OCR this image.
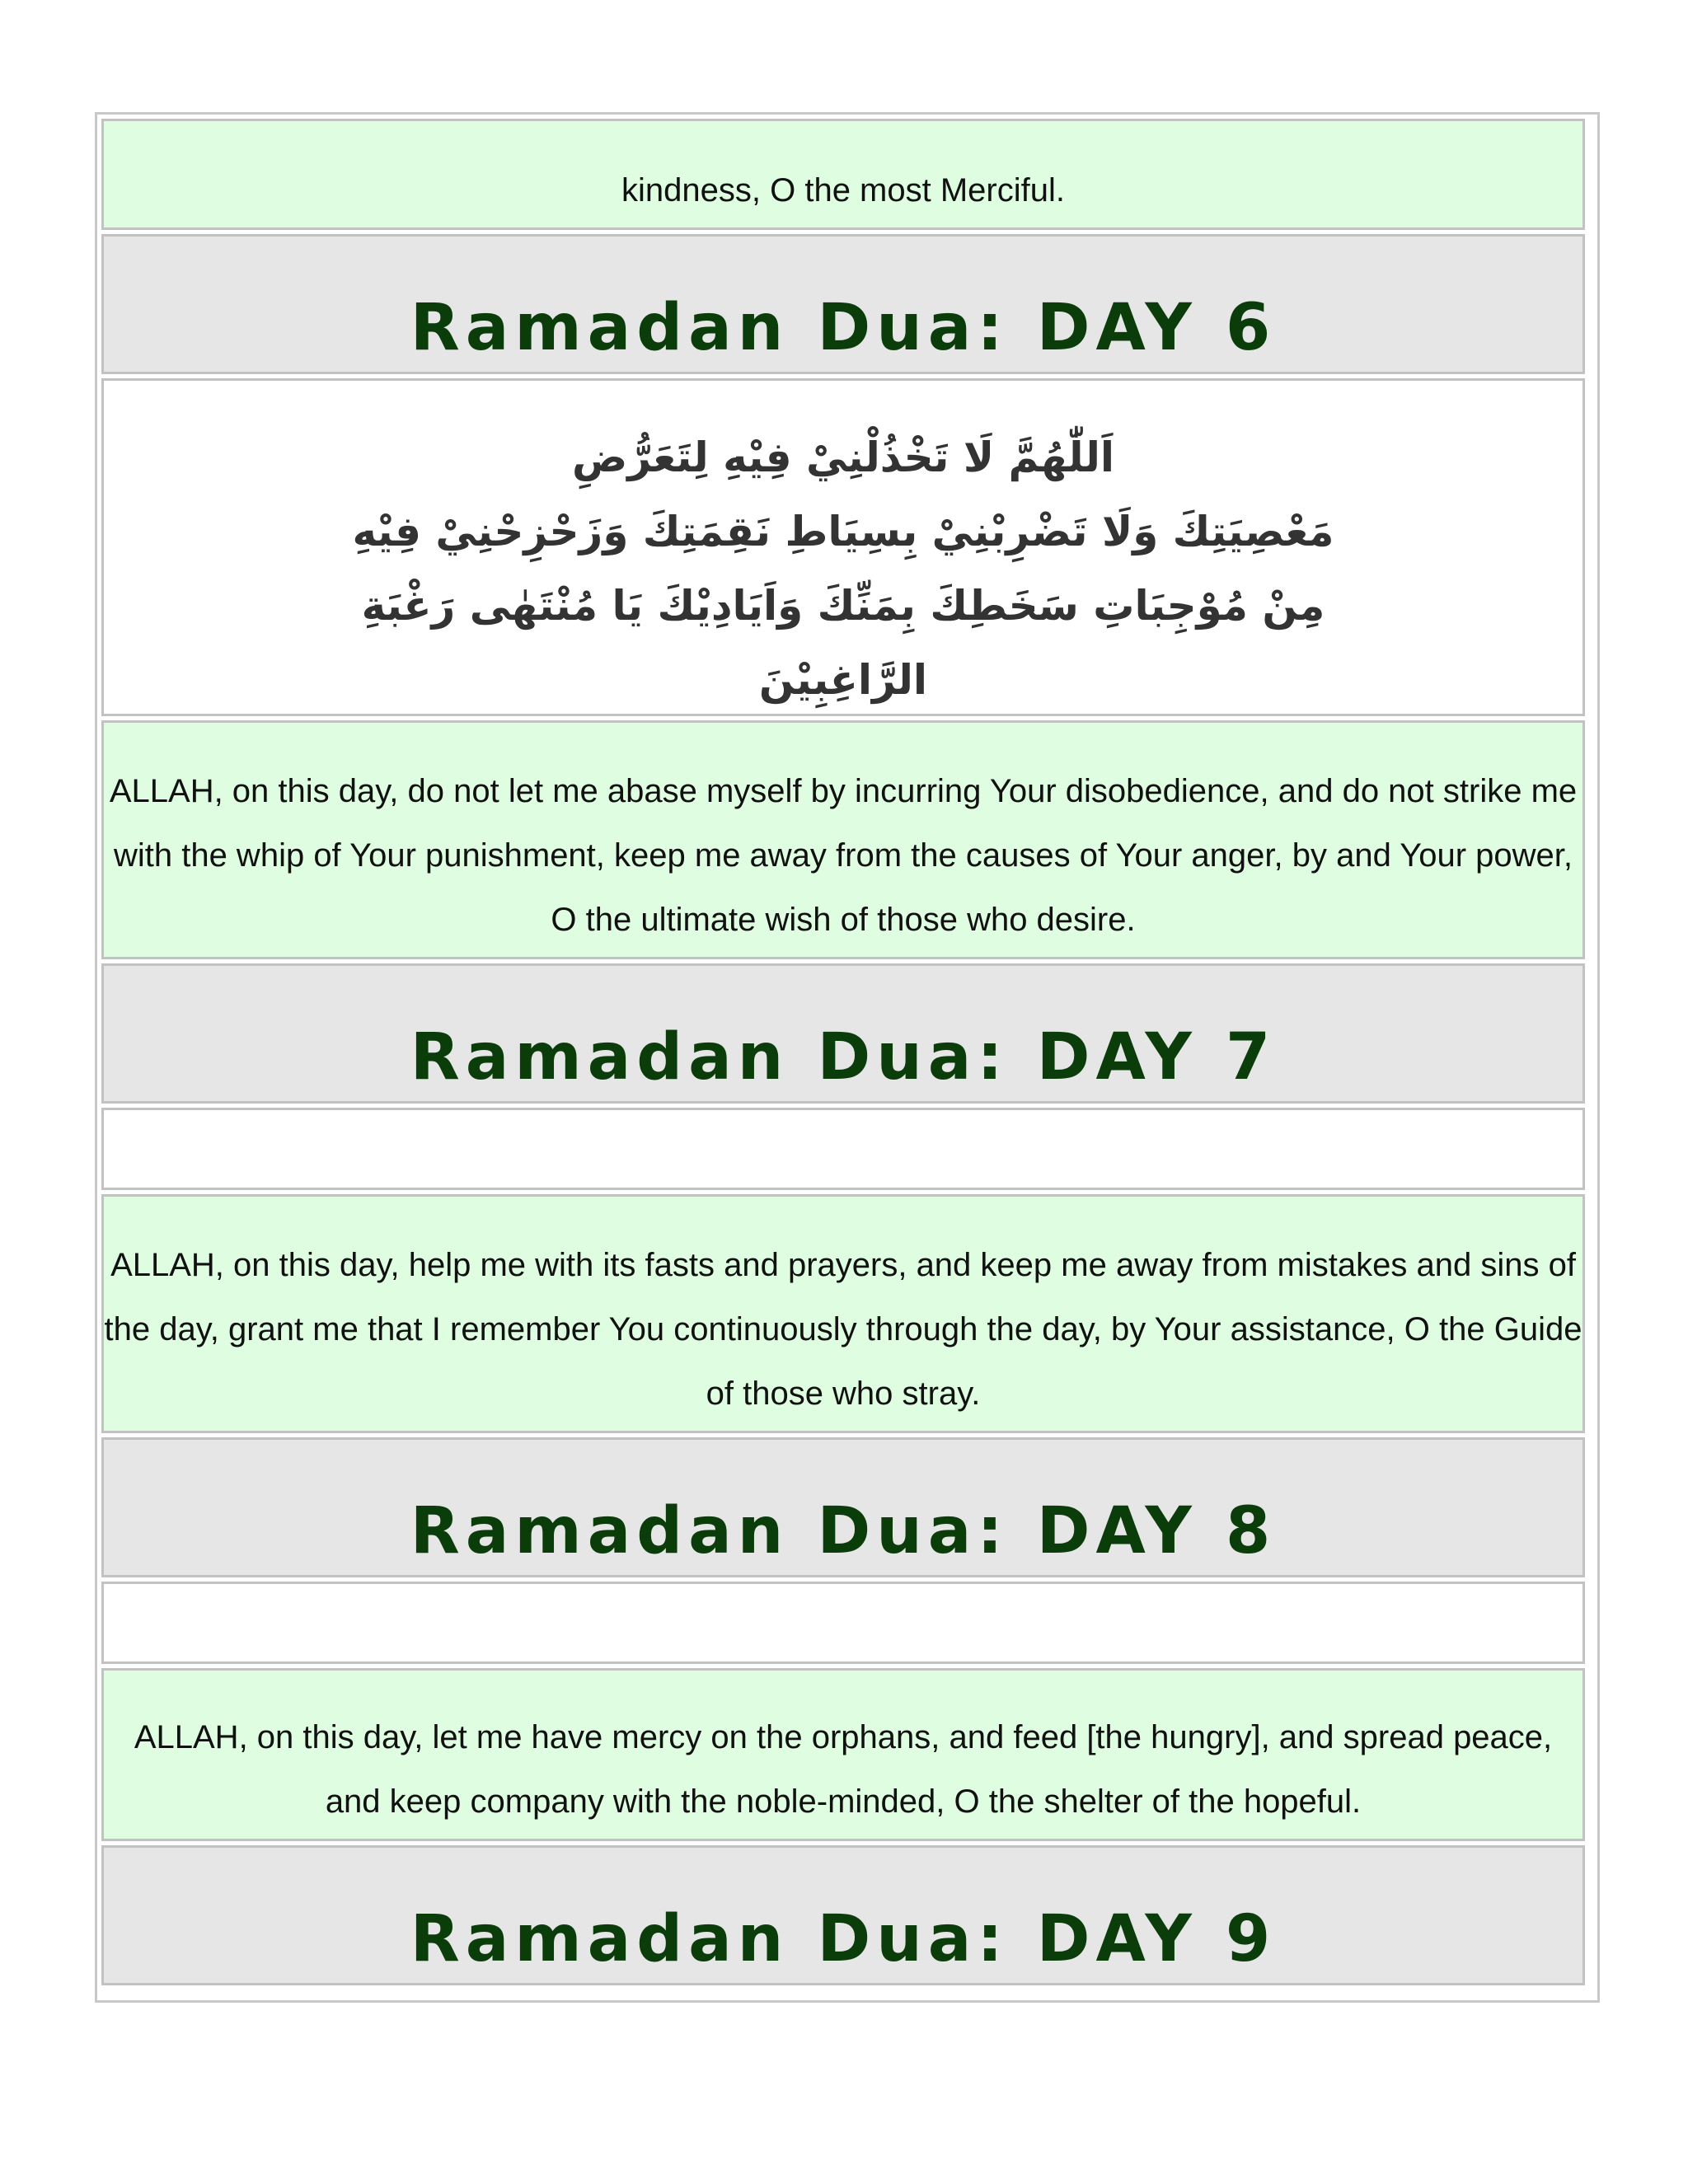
kindness, O the most Merciful.
Ramadan Dua: DAY 6
اَللّٰهُمَّ لَا تَخْذُلْنِيْ فِيْهِ لِتَعَرُّضِ
مَعْصِيَتِكَ وَلَا تَضْرِبْنِيْ بِسِيَاطِ نَقِمَتِكَ وَزَحْزِحْنِيْ فِيْهِ
مِنْ مُوْجِبَاتِ سَخَطِكَ بِمَنِّكَ وَاَيَادِيْكَ يَا مُنْتَهٰى رَغْبَةِ
الرَّاغِبِيْنَ
ALLAH, on this day, do not let me abase myself by incurring Your disobedience, and do not strike me with the whip of Your punishment, keep me away from the causes of Your anger, by and Your power, O the ultimate wish of those who desire.
Ramadan Dua: DAY 7
ALLAH, on this day, help me with its fasts and prayers, and keep me away from mistakes and sins of the day, grant me that I remember You continuously through the day, by Your assistance, O the Guide of those who stray.
Ramadan Dua: DAY 8
ALLAH, on this day, let me have mercy on the orphans, and feed [the hungry], and spread peace, and keep company with the noble-minded, O the shelter of the hopeful.
Ramadan Dua: DAY 9
